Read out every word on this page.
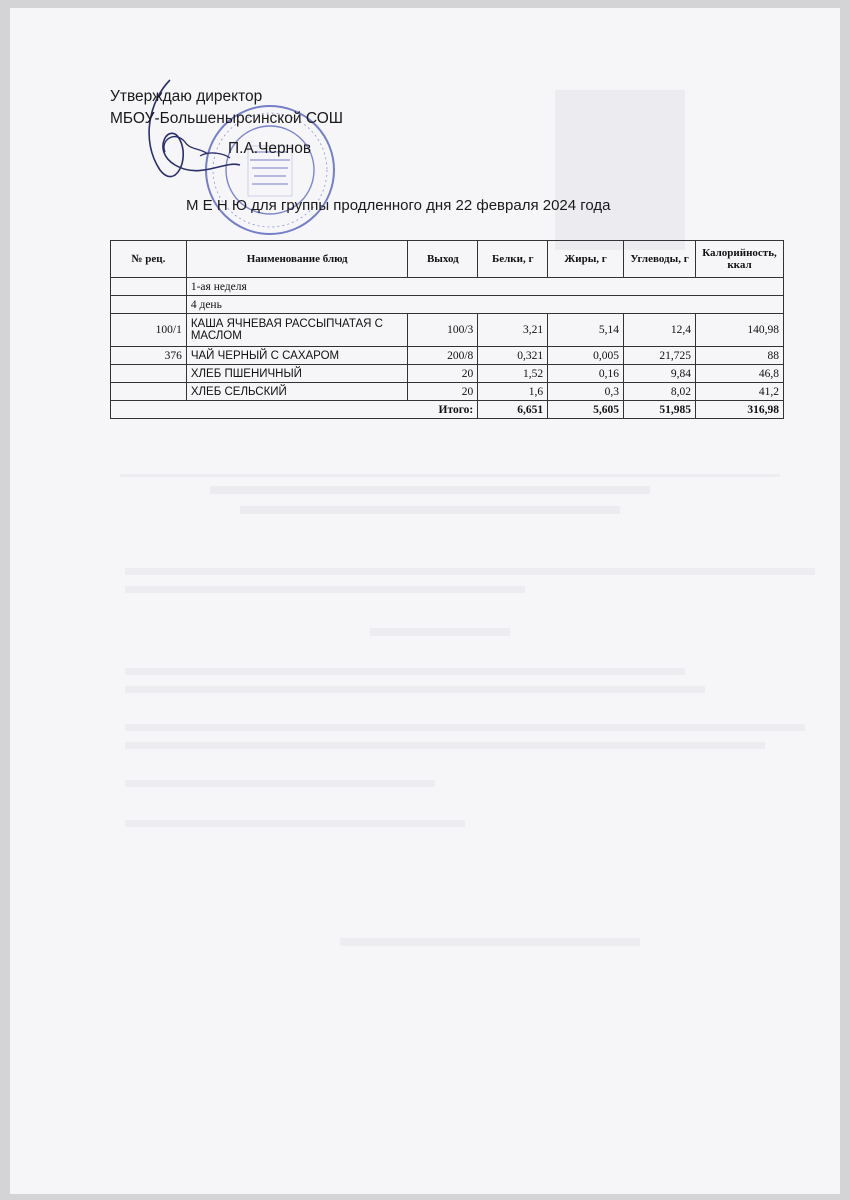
Утверждаю директор
МБОУ-Большенырсинской СОШ
П.А.Чернов
М Е Н Ю для группы продленного дня 22 февраля 2024 года
№ рец.	Наименование блюд	Выход	Белки, г	Жиры, г	Углеводы, г	Калорийность, ккал
	1-ая неделя					
	4 день					
100/1	КАША ЯЧНЕВАЯ РАССЫПЧАТАЯ С МАСЛОМ	100/3	3,21	5,14	12,4	140,98
376	ЧАЙ ЧЕРНЫЙ С САХАРОМ	200/8	0,321	0,005	21,725	88
	ХЛЕБ ПШЕНИЧНЫЙ	20	1,52	0,16	9,84	46,8
	ХЛЕБ СЕЛЬСКИЙ	20	1,6	0,3	8,02	41,2
Итого:			6,651	5,605	51,985	316,98
